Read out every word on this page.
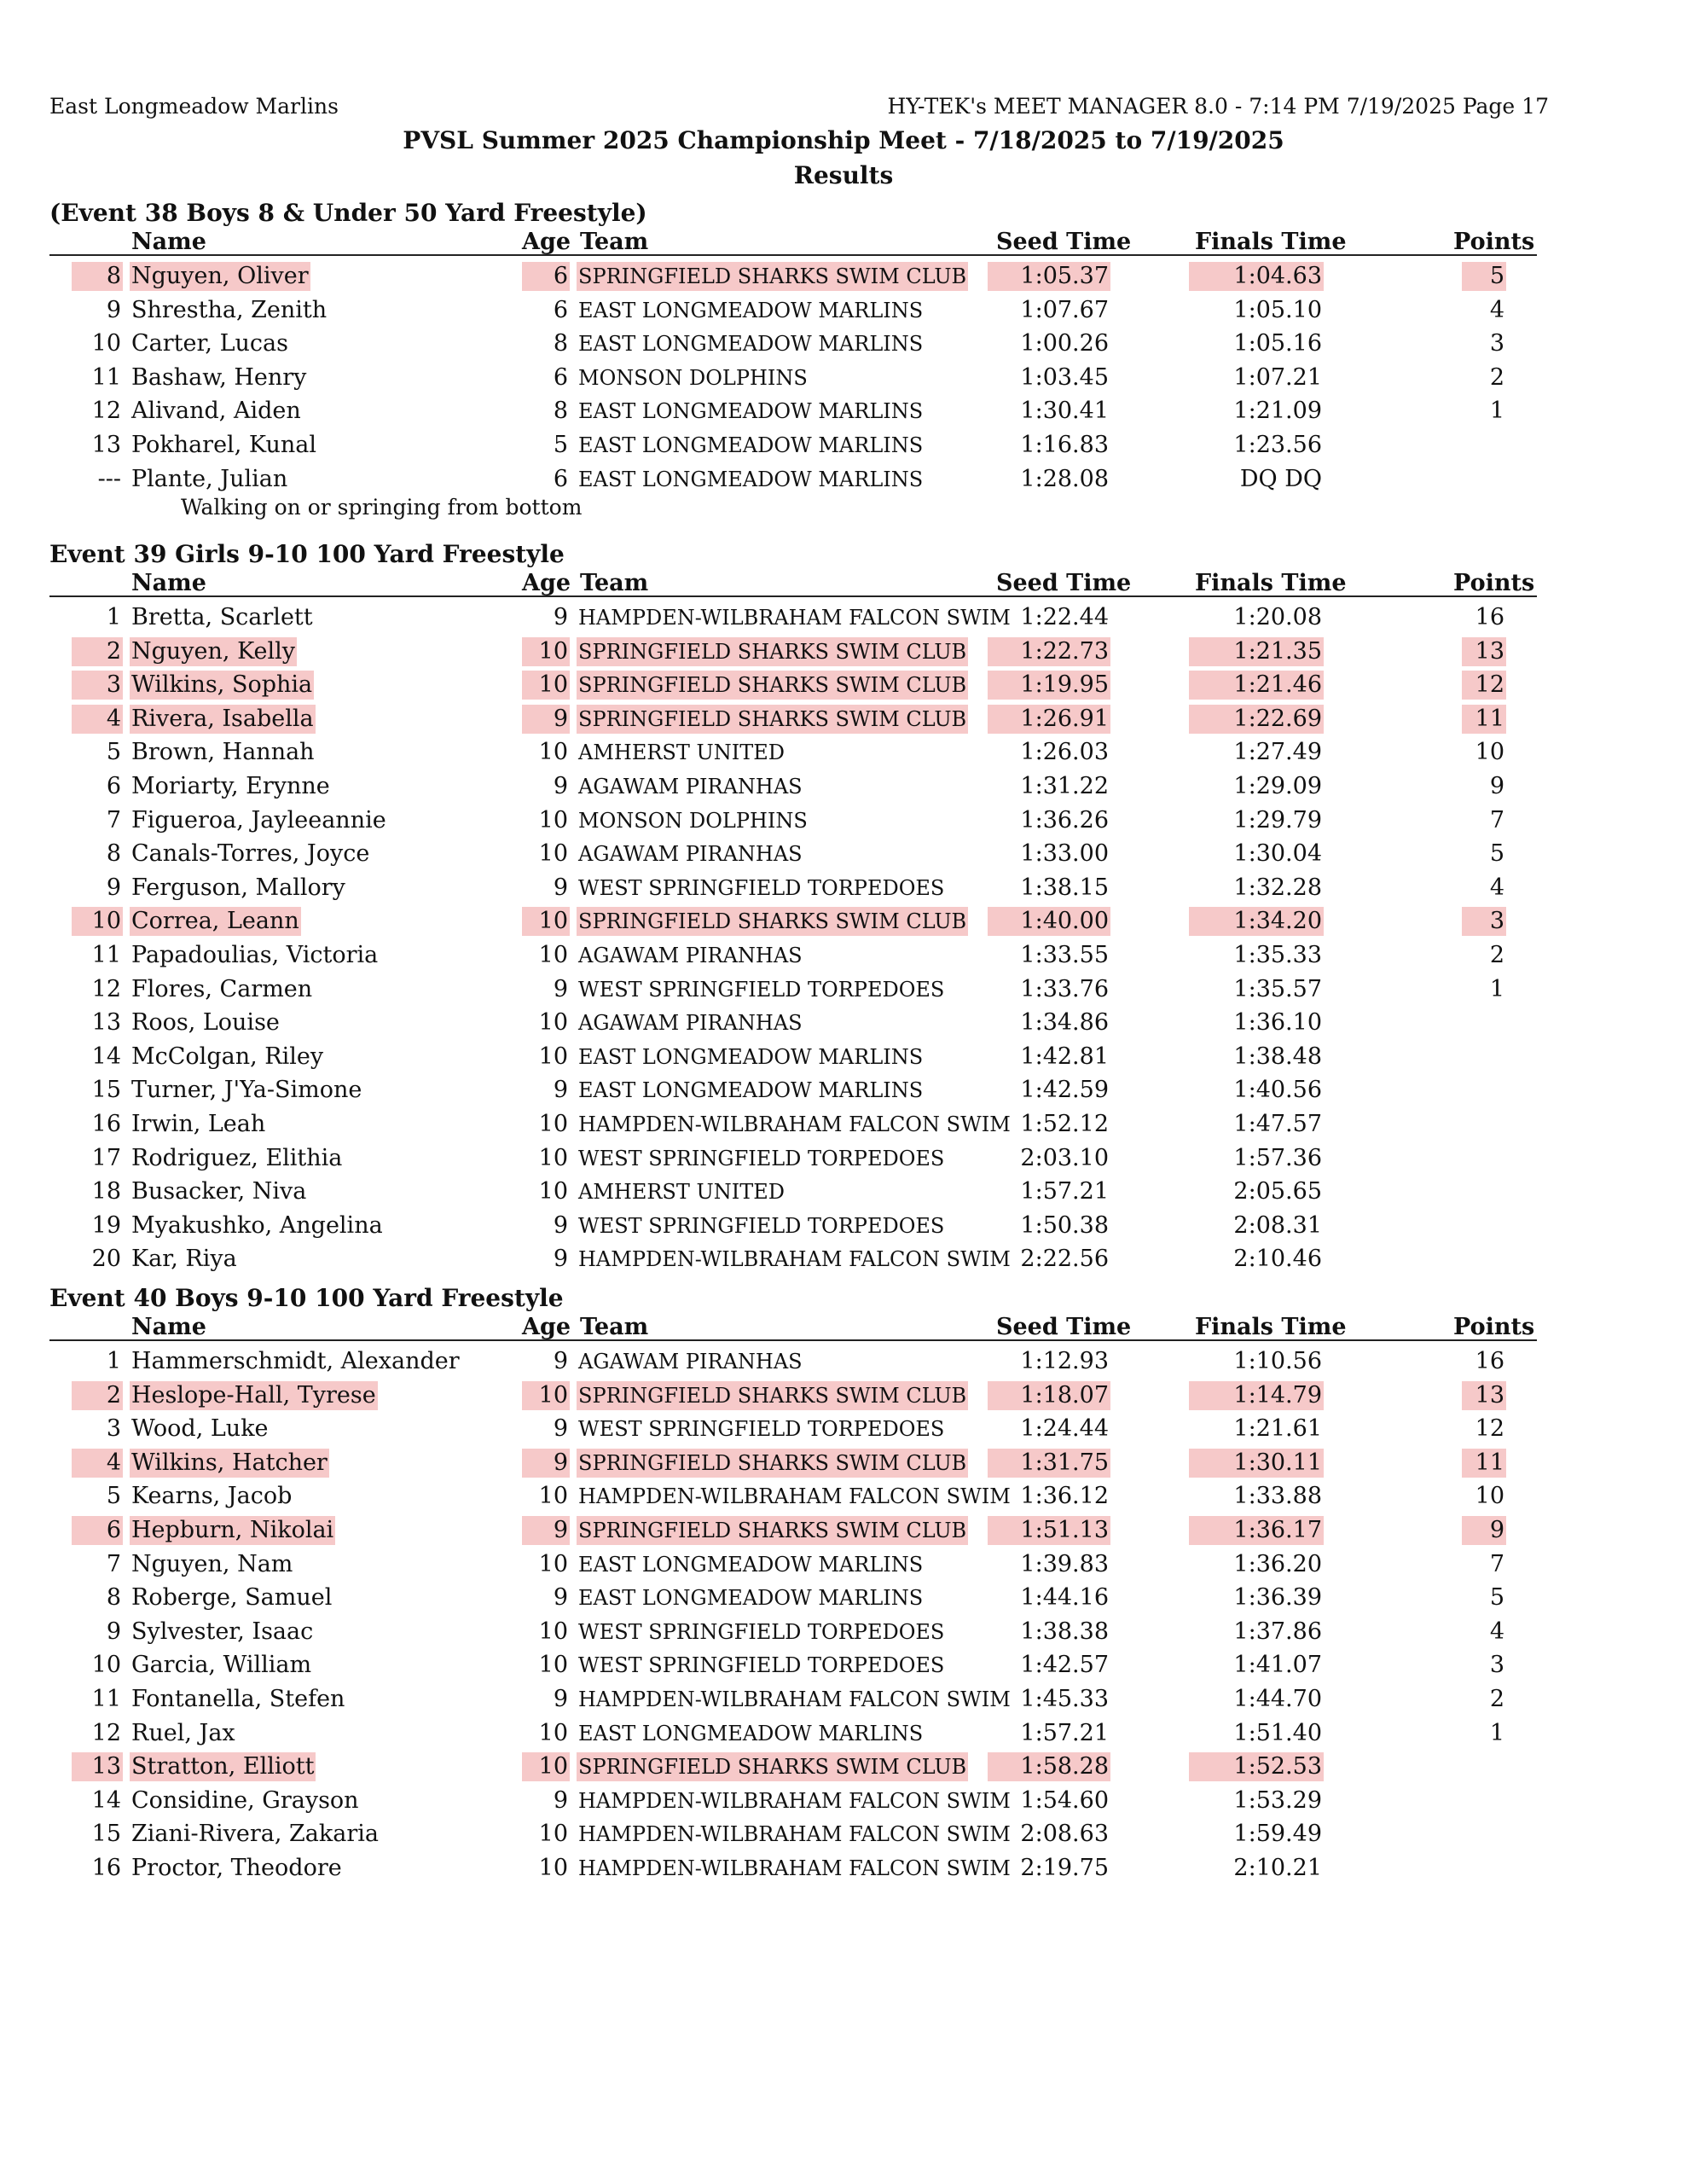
East Longmeadow Marlins	HY-TEK's MEET MANAGER 8.0 - 7:14 PM 7/19/2025 Page 17
PVSL Summer 2025 Championship Meet - 7/18/2025 to 7/19/2025
Results
(Event 38 Boys 8 & Under 50 Yard Freestyle)
Name	Age Team	Seed Time	Finals Time	Points
8 Nguyen, Oliver	6 SPRINGFIELD SHARKS SWIM CLUB	1:05.37	1:04.63	5
9 Shrestha, Zenith	6 EAST LONGMEADOW MARLINS	1:07.67	1:05.10	4
10 Carter, Lucas	8 EAST LONGMEADOW MARLINS	1:00.26	1:05.16	3
11 Bashaw, Henry	6 MONSON DOLPHINS	1:03.45	1:07.21	2
12 Alivand, Aiden	8 EAST LONGMEADOW MARLINS	1:30.41	1:21.09	1
13 Pokharel, Kunal	5 EAST LONGMEADOW MARLINS	1:16.83	1:23.56
--- Plante, Julian	6 EAST LONGMEADOW MARLINS	1:28.08	DQ DQ
Walking on or springing from bottom
Event 39 Girls 9-10 100 Yard Freestyle
Name	Age Team	Seed Time	Finals Time	Points
1 Bretta, Scarlett	9 HAMPDEN-WILBRAHAM FALCON SWIM 1:22.44	1:20.08	16
2 Nguyen, Kelly	10 SPRINGFIELD SHARKS SWIM CLUB	1:22.73	1:21.35	13
3 Wilkins, Sophia	10 SPRINGFIELD SHARKS SWIM CLUB	1:19.95	1:21.46	12
4 Rivera, Isabella	9 SPRINGFIELD SHARKS SWIM CLUB	1:26.91	1:22.69	11
5 Brown, Hannah	10 AMHERST UNITED	1:26.03	1:27.49	10
6 Moriarty, Erynne	9 AGAWAM PIRANHAS	1:31.22	1:29.09	9
7 Figueroa, Jayleeannie	10 MONSON DOLPHINS	1:36.26	1:29.79	7
8 Canals-Torres, Joyce	10 AGAWAM PIRANHAS	1:33.00	1:30.04	5
9 Ferguson, Mallory	9 WEST SPRINGFIELD TORPEDOES	1:38.15	1:32.28	4
10 Correa, Leann	10 SPRINGFIELD SHARKS SWIM CLUB	1:40.00	1:34.20	3
11 Papadoulias, Victoria	10 AGAWAM PIRANHAS	1:33.55	1:35.33	2
12 Flores, Carmen	9 WEST SPRINGFIELD TORPEDOES	1:33.76	1:35.57	1
13 Roos, Louise	10 AGAWAM PIRANHAS	1:34.86	1:36.10
14 McColgan, Riley	10 EAST LONGMEADOW MARLINS	1:42.81	1:38.48
15 Turner, J'Ya-Simone	9 EAST LONGMEADOW MARLINS	1:42.59	1:40.56
16 Irwin, Leah	10 HAMPDEN-WILBRAHAM FALCON SWIM 1:52.12	1:47.57
17 Rodriguez, Elithia	10 WEST SPRINGFIELD TORPEDOES	2:03.10	1:57.36
18 Busacker, Niva	10 AMHERST UNITED	1:57.21	2:05.65
19 Myakushko, Angelina	9 WEST SPRINGFIELD TORPEDOES	1:50.38	2:08.31
20 Kar, Riya	9 HAMPDEN-WILBRAHAM FALCON SWIM 2:22.56	2:10.46
Event 40 Boys 9-10 100 Yard Freestyle
Name	Age Team	Seed Time	Finals Time	Points
1 Hammerschmidt, Alexander	9 AGAWAM PIRANHAS	1:12.93	1:10.56	16
2 Heslope-Hall, Tyrese	10 SPRINGFIELD SHARKS SWIM CLUB	1:18.07	1:14.79	13
3 Wood, Luke	9 WEST SPRINGFIELD TORPEDOES	1:24.44	1:21.61	12
4 Wilkins, Hatcher	9 SPRINGFIELD SHARKS SWIM CLUB	1:31.75	1:30.11	11
5 Kearns, Jacob	10 HAMPDEN-WILBRAHAM FALCON SWIM 1:36.12	1:33.88	10
6 Hepburn, Nikolai	9 SPRINGFIELD SHARKS SWIM CLUB	1:51.13	1:36.17	9
7 Nguyen, Nam	10 EAST LONGMEADOW MARLINS	1:39.83	1:36.20	7
8 Roberge, Samuel	9 EAST LONGMEADOW MARLINS	1:44.16	1:36.39	5
9 Sylvester, Isaac	10 WEST SPRINGFIELD TORPEDOES	1:38.38	1:37.86	4
10 Garcia, William	10 WEST SPRINGFIELD TORPEDOES	1:42.57	1:41.07	3
11 Fontanella, Stefen	9 HAMPDEN-WILBRAHAM FALCON SWIM 1:45.33	1:44.70	2
12 Ruel, Jax	10 EAST LONGMEADOW MARLINS	1:57.21	1:51.40	1
13 Stratton, Elliott	10 SPRINGFIELD SHARKS SWIM CLUB	1:58.28	1:52.53
14 Considine, Grayson	9 HAMPDEN-WILBRAHAM FALCON SWIM 1:54.60	1:53.29
15 Ziani-Rivera, Zakaria	10 HAMPDEN-WILBRAHAM FALCON SWIM 2:08.63	1:59.49
16 Proctor, Theodore	10 HAMPDEN-WILBRAHAM FALCON SWIM 2:19.75	2:10.21
